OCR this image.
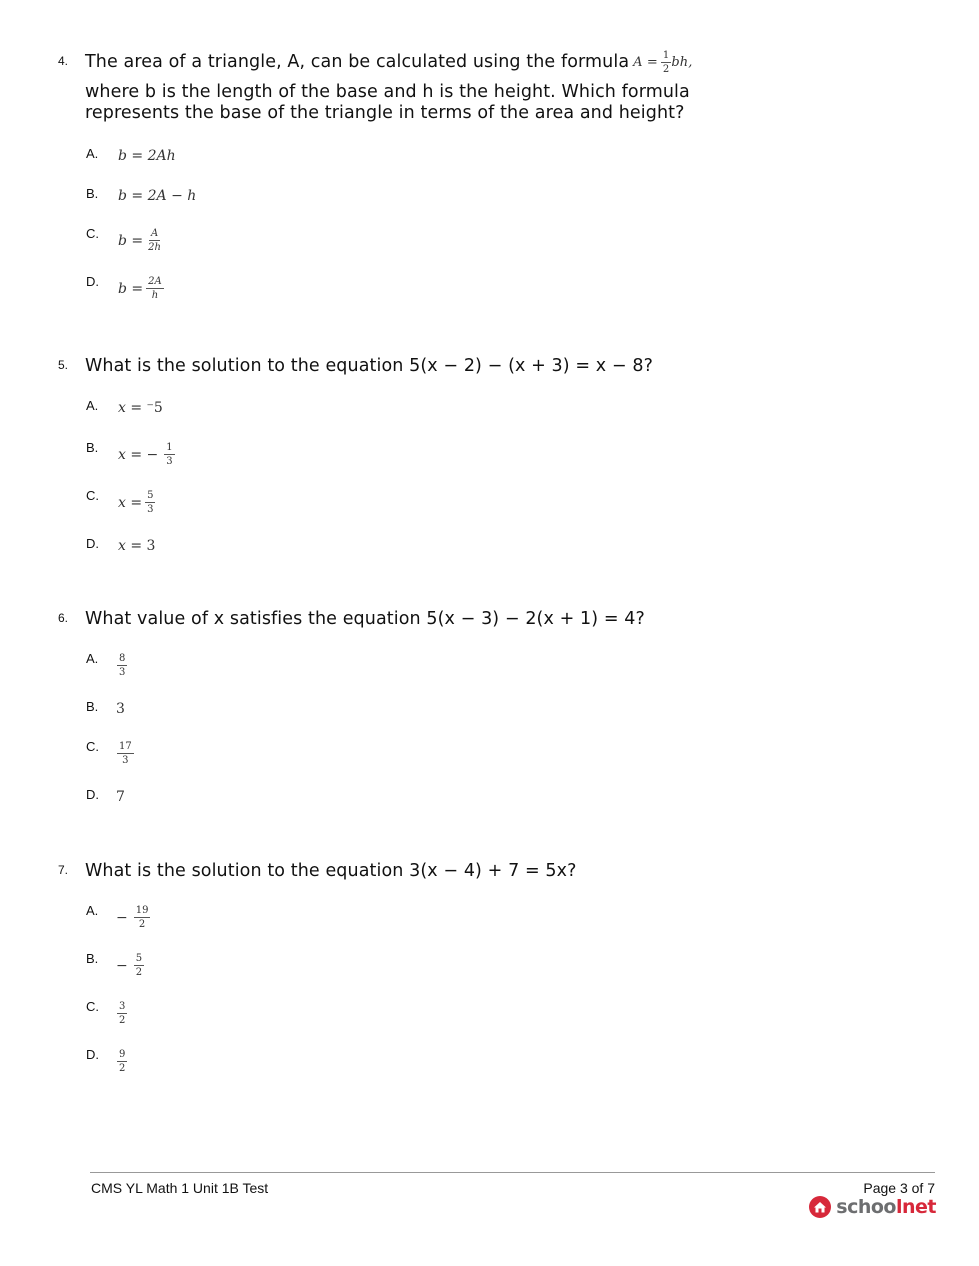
4. The area of a triangle, A, can be calculated using the formula $A = \frac{1}{2}$ bh,
where b is the length of the base and h is the height. Which formula represents the base of the triangle in terms of the area and height?
A. b =
2Ah
B. b =
2A − h
C. $b = \frac{A}{2h}$
D. $b = \frac{2A}{h}$
5. What is the solution to the equation 5(x − 2) − (x + 3) = x − 8?
A. x =
⁻5
B. x =
− $\frac{1}{3}$
C. $x = \frac{5}{3}$
D. x =
3
6. What value of x satisfies the equation 5(x − 3) − 2(x + 1) = 4?
A. $\frac{8}{3}$
B. 3
C. $\frac{17}{3}$
D. 7
7. What is the solution to the equation 3(x − 4) + 7 = 5x?
A. − $\frac{19}{2}$
B. − $\frac{5}{2}$
C. $\frac{3}{2}$
D. $\frac{9}{2}$
CMS YL Math 1 Unit 1B Test	Page 3 of 7
schoolnet
